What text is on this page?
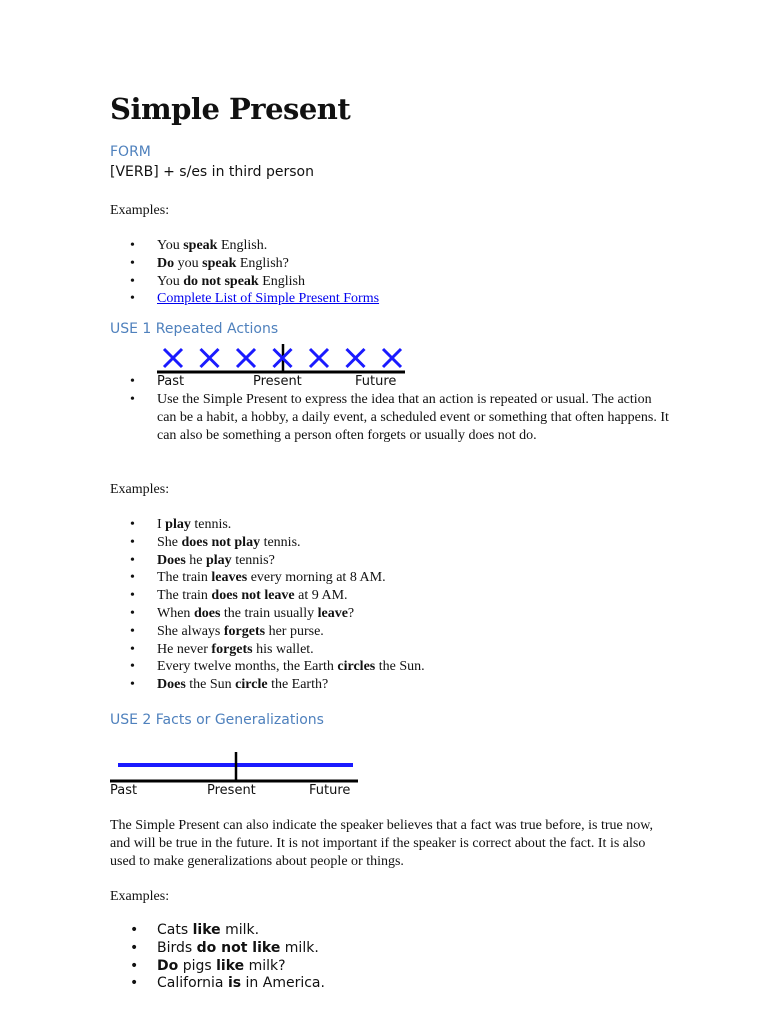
Simple Present
FORM
[VERB] + s/es in third person
Examples:
• You speak English.
• Do you speak English?
• You do not speak English
• Complete List of Simple Present Forms
USE 1 Repeated Actions
Past	Present	Future
•
• Use the Simple Present to express the idea that an action is repeated or usual. The action can be a habit, a hobby, a daily event, a scheduled event or something that often happens. It can also be something a person often forgets or usually does not do.
Examples:
• I play tennis.
• She does not play tennis.
• Does he play tennis?
• The train leaves every morning at 8 AM.
• The train does not leave at 9 AM.
• When does the train usually leave?
• She always forgets her purse.
• He never forgets his wallet.
• Every twelve months, the Earth circles the Sun.
• Does the Sun circle the Earth?
USE 2 Facts or Generalizations
Past	Present	Future

The Simple Present can also indicate the speaker believes that a fact was true before, is true now, and will be true in the future. It is not important if the speaker is correct about the fact. It is also used to make generalizations about people or things.

Examples:
• Cats like milk.
• Birds do not like milk.
• Do pigs like milk?
• California is in America.
